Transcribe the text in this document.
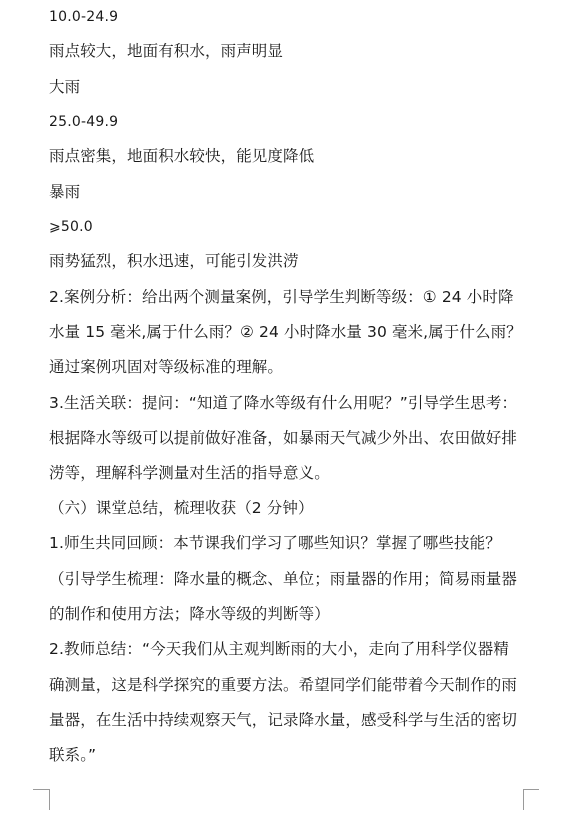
10.0-24.9
雨点较大，地面有积水，雨声明显
大雨
25.0-49.9
雨点密集，地面积水较快，能见度降低
暴雨
⩾50.0
雨势猛烈，积水迅速，可能引发洪涝
2.案例分析：给出两个测量案例，引导学生判断等级：① 24 小时降
水量 15 毫米,属于什么雨？② 24 小时降水量 30 毫米,属于什么雨？
通过案例巩固对等级标准的理解。
3.生活关联：提问：“知道了降水等级有什么用呢？”引导学生思考：
根据降水等级可以提前做好准备，如暴雨天气减少外出、农田做好排
涝等，理解科学测量对生活的指导意义。
（六）课堂总结，梳理收获（2 分钟）
1.师生共同回顾：本节课我们学习了哪些知识？掌握了哪些技能？
（引导学生梳理：降水量的概念、单位；雨量器的作用；简易雨量器
的制作和使用方法；降水等级的判断等）
2.教师总结：“今天我们从主观判断雨的大小，走向了用科学仪器精
确测量，这是科学探究的重要方法。希望同学们能带着今天制作的雨
量器，在生活中持续观察天气，记录降水量，感受科学与生活的密切
联系。”
